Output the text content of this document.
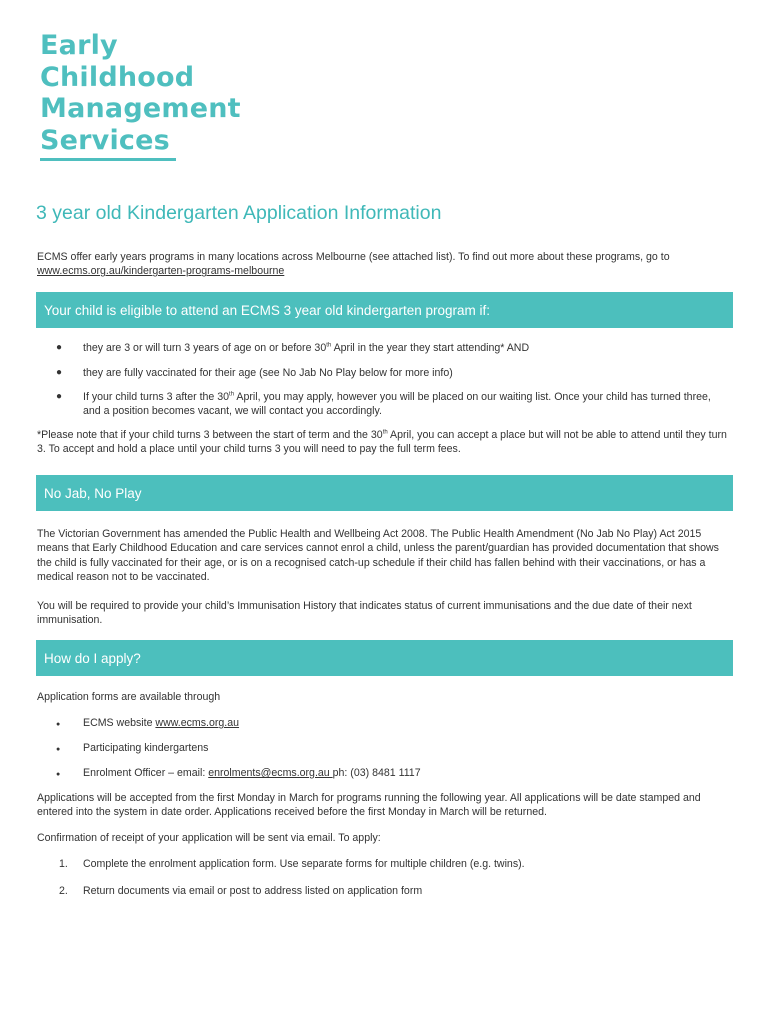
Early
Childhood
Management
Services
3 year old Kindergarten Application Information
ECMS offer early years programs in many locations across Melbourne (see attached list). To find out more about these programs, go to www.ecms.org.au/kindergarten-programs-melbourne
Your child is eligible to attend an ECMS 3 year old kindergarten program if:
● they are 3 or will turn 3 years of age on or before 30th April in the year they start attending* AND
● they are fully vaccinated for their age (see No Jab No Play below for more info)
● If your child turns 3 after the 30th April, you may apply, however you will be placed on our waiting list. Once your child has turned three, and a position becomes vacant, we will contact you accordingly.
*Please note that if your child turns 3 between the start of term and the 30th April, you can accept a place but will not be able to attend until they turn 3. To accept and hold a place until your child turns 3 you will need to pay the full term fees.
No Jab, No Play
The Victorian Government has amended the Public Health and Wellbeing Act 2008. The Public Health Amendment (No Jab No Play) Act 2015 means that Early Childhood Education and care services cannot enrol a child, unless the parent/guardian has provided documentation that shows the child is fully vaccinated for their age, or is on a recognised catch-up schedule if their child has fallen behind with their vaccinations, or has a medical reason not to be vaccinated.
You will be required to provide your child’s Immunisation History that indicates status of current immunisations and the due date of their next immunisation.
How do I apply?
Application forms are available through
● ECMS website www.ecms.org.au
● Participating kindergartens
● Enrolment Officer – email: enrolments@ecms.org.au ph: (03) 8481 1117
Applications will be accepted from the first Monday in March for programs running the following year. All applications will be date stamped and entered into the system in date order. Applications received before the first Monday in March will be returned.
Confirmation of receipt of your application will be sent via email. To apply:
1. Complete the enrolment application form. Use separate forms for multiple children (e.g. twins).
2. Return documents via email or post to address listed on application form
